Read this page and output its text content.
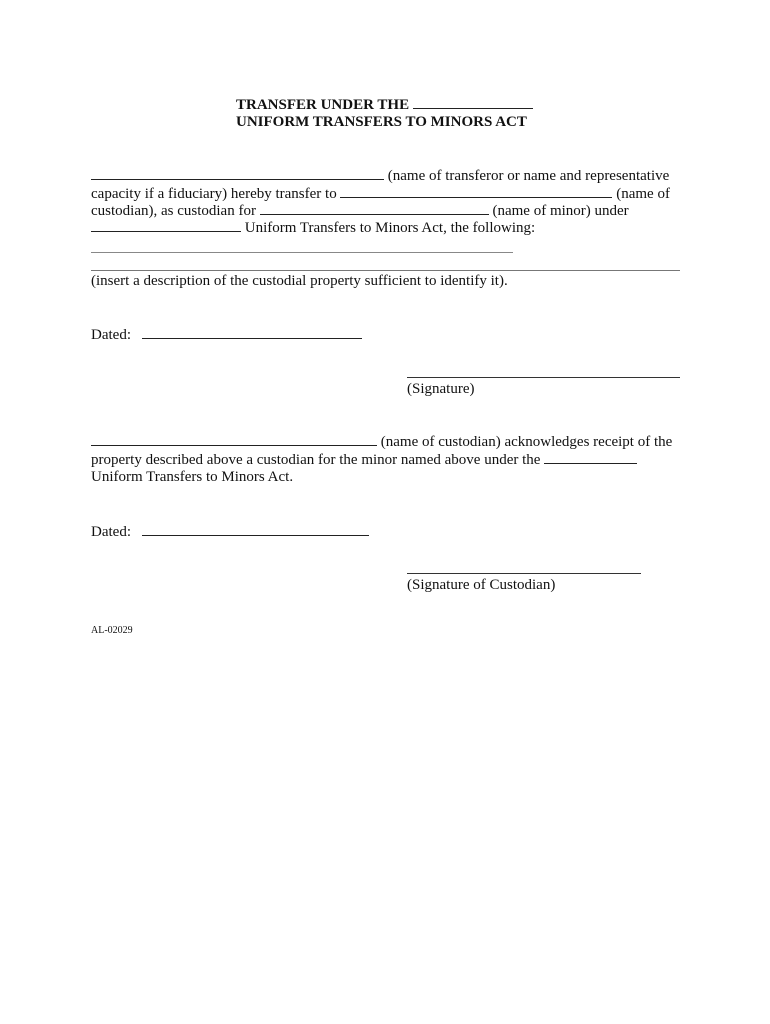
TRANSFER UNDER THE
UNIFORM TRANSFERS TO MINORS ACT
(name of transferor or name and representative
capacity if a fiduciary) hereby transfer to	(name of
custodian), as custodian for	(name of minor) under
Uniform Transfers to Minors Act, the following:
(insert a description of the custodial property sufficient to identify it).
Dated:
(Signature)
(name of custodian) acknowledges receipt of the
property described above a custodian for the minor named above under the
Uniform Transfers to Minors Act.
Dated:
(Signature of Custodian)
AL-02029
